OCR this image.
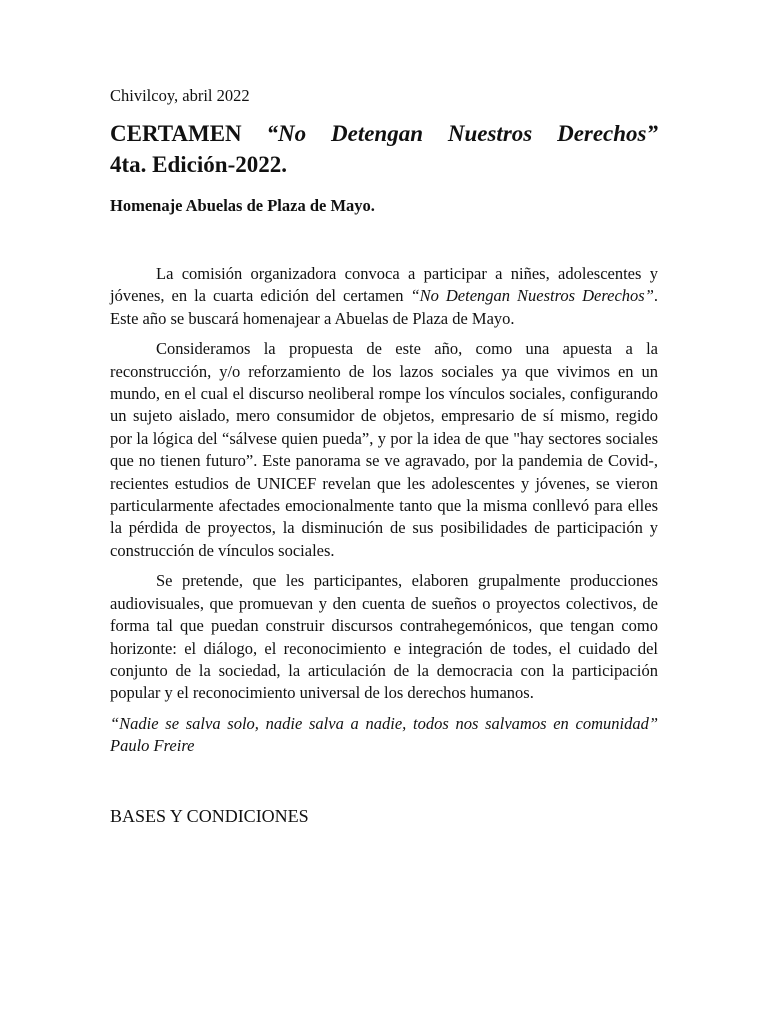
Chivilcoy, abril 2022

CERTAMEN “No Detengan Nuestros Derechos”

4ta. Edición-2022.

Homenaje Abuelas de Plaza de Mayo.

La comisión organizadora convoca a participar a niñes, adolescentes y jóvenes, en la cuarta edición del certamen “No Detengan Nuestros Derechos”. Este año se buscará homenajear a Abuelas de Plaza de Mayo.

Consideramos la propuesta de este año, como una apuesta a la reconstrucción, y/o reforzamiento de los lazos sociales ya que vivimos en un mundo, en el cual el discurso neoliberal rompe los vínculos sociales, configurando un sujeto aislado, mero consumidor de objetos, empresario de sí mismo, regido por la lógica del “sálvese quien pueda”, y por la idea de que "hay sectores sociales que no tienen futuro”. Este panorama se ve agravado, por la pandemia de Covid-, recientes estudios de UNICEF revelan que les adolescentes y jóvenes, se vieron particularmente afectades emocionalmente tanto que la misma conllevó para elles la pérdida de proyectos, la disminución de sus posibilidades de participación y construcción de vínculos sociales.

Se pretende, que les participantes, elaboren grupalmente producciones audiovisuales, que promuevan y den cuenta de sueños o proyectos colectivos, de forma tal que puedan construir discursos contrahegemónicos, que tengan como horizonte: el diálogo, el reconocimiento e integración de todes, el cuidado del conjunto de la sociedad, la articulación de la democracia con la participación popular y el reconocimiento universal de los derechos humanos.

“Nadie se salva solo, nadie salva a nadie, todos nos salvamos en comunidad” Paulo Freire

BASES Y CONDICIONES
